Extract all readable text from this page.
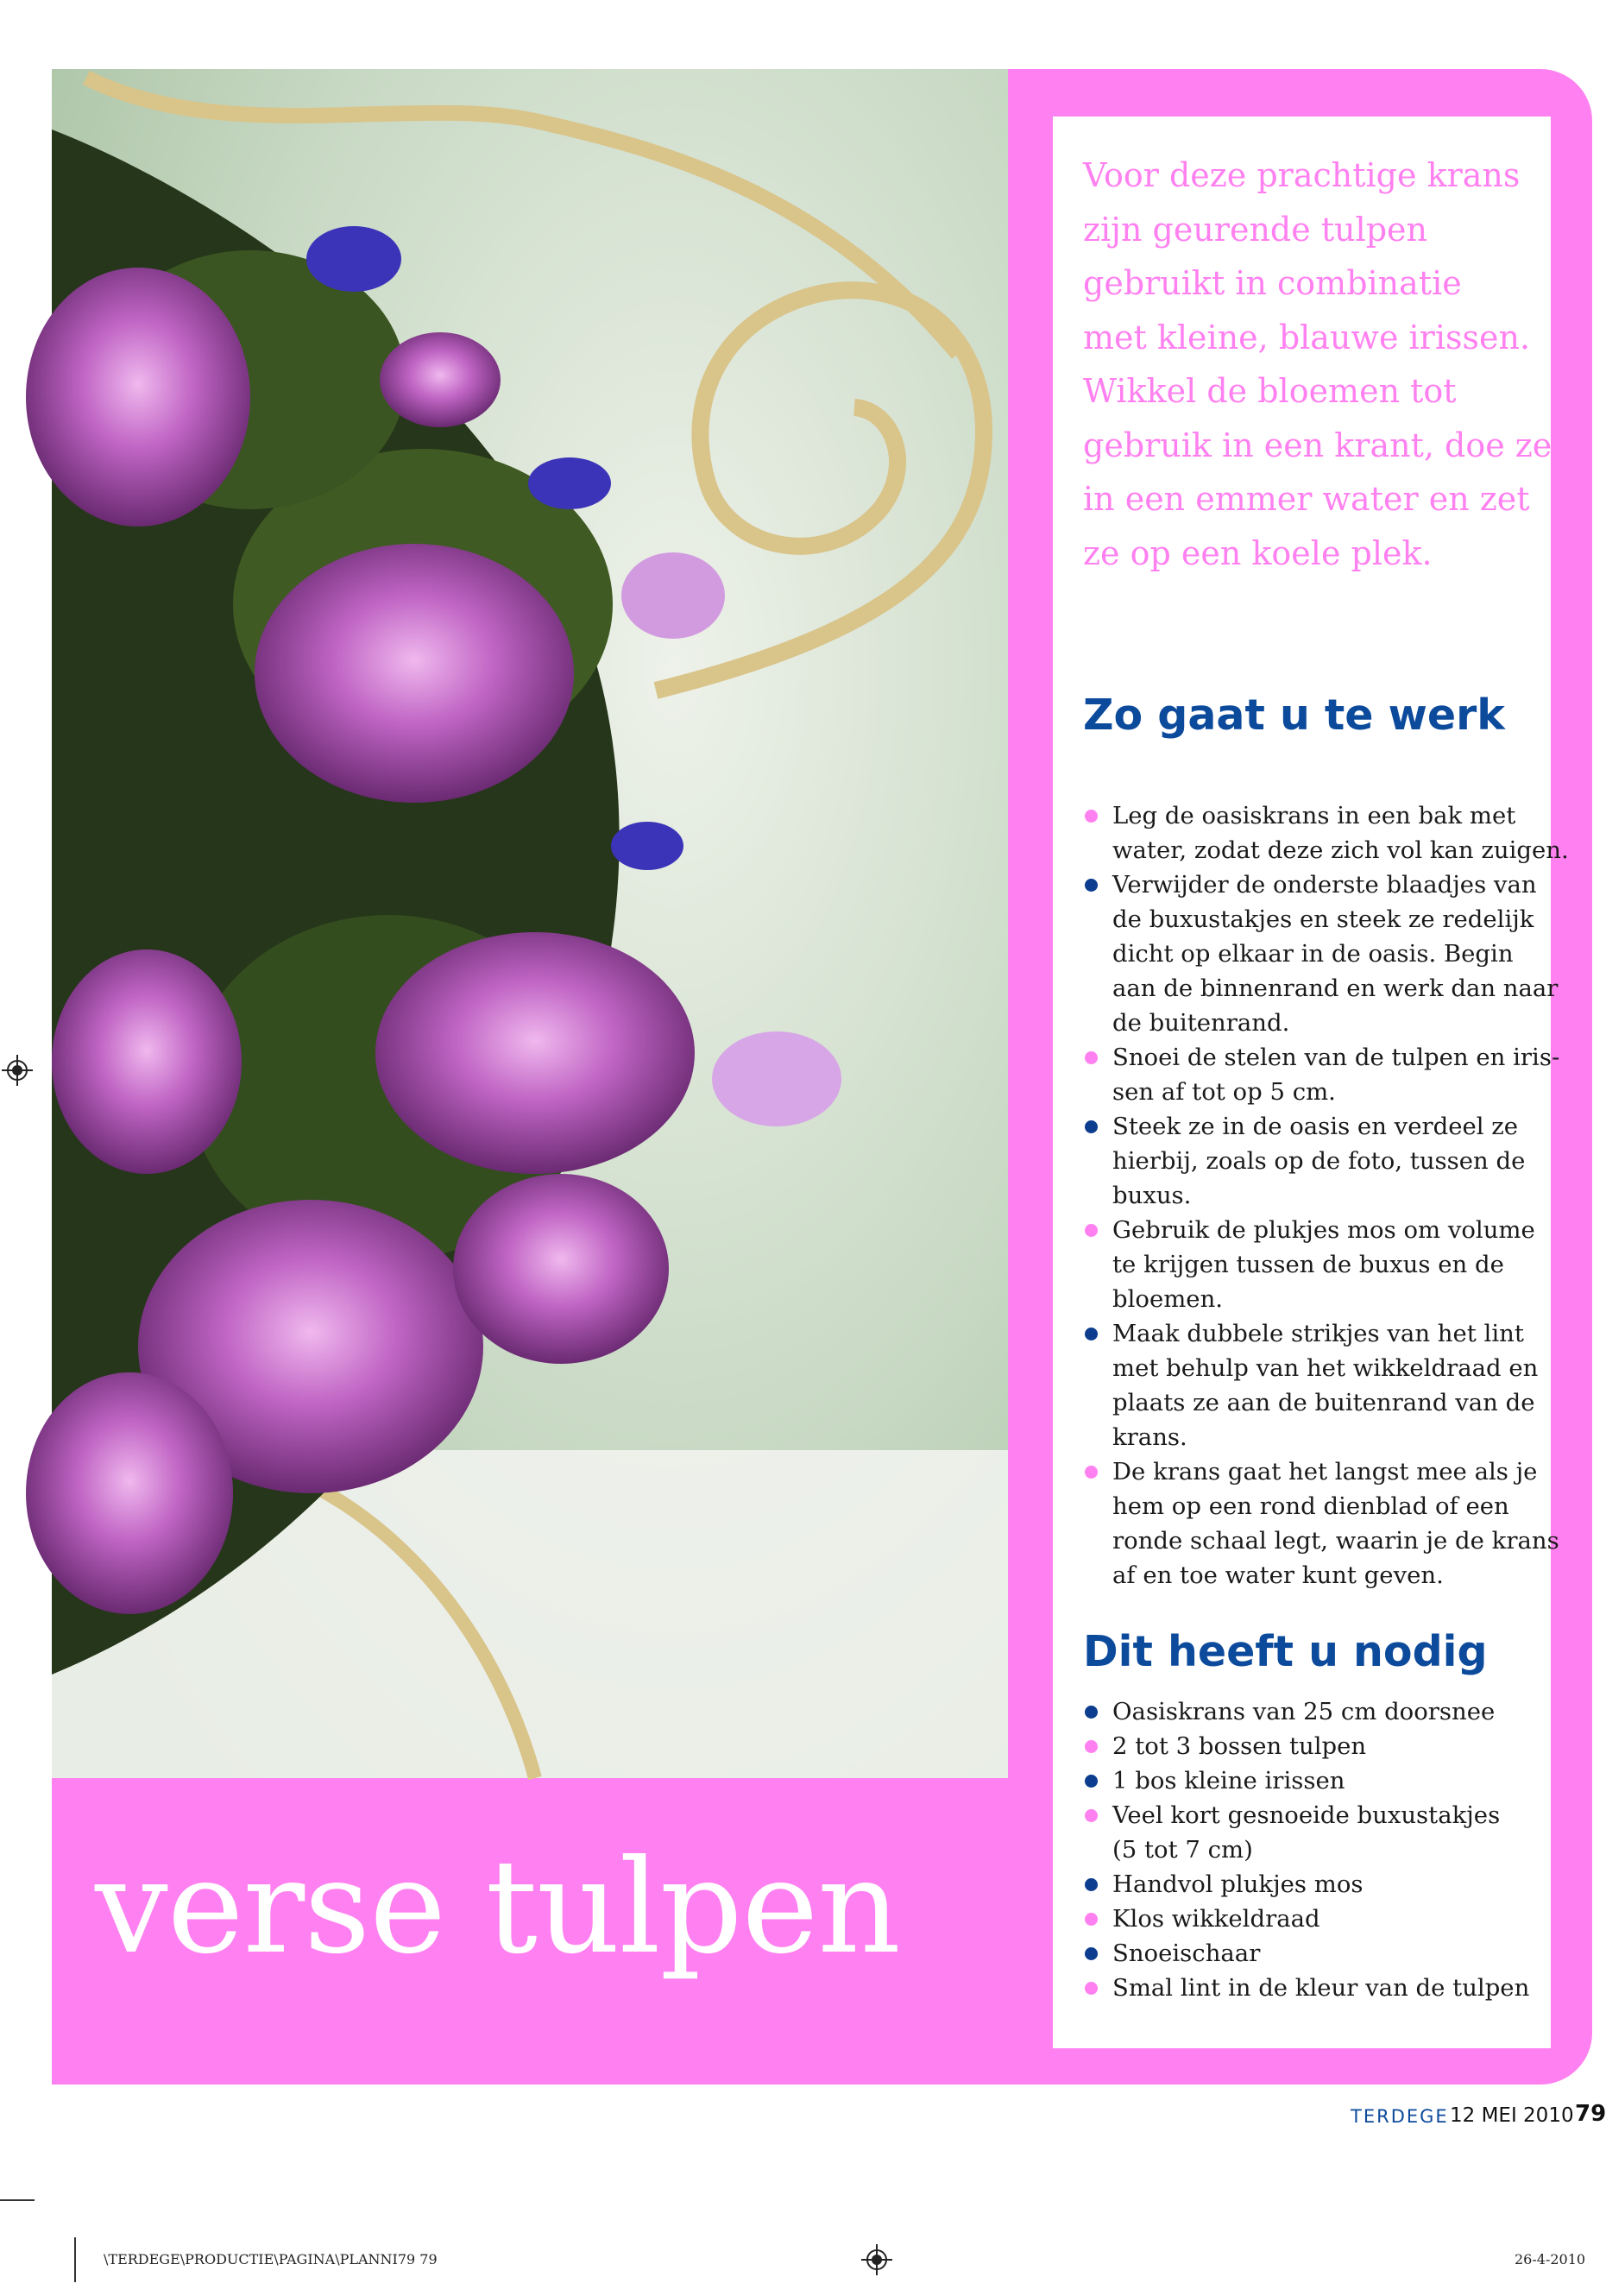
verse tulpen
Voor deze prachtige krans
zijn geurende tulpen
gebruikt in combinatie
met kleine, blauwe irissen.
Wikkel de bloemen tot
gebruik in een krant, doe ze
in een emmer water en zet
ze op een koele plek.
Zo gaat u te werk
Leg de oasiskrans in een bak met
water, zodat deze zich vol kan zuigen.
Verwijder de onderste blaadjes van
de buxustakjes en steek ze redelijk
dicht op elkaar in de oasis. Begin
aan de binnenrand en werk dan naar
de buitenrand.
Snoei de stelen van de tulpen en iris-
sen af tot op 5 cm.
Steek ze in de oasis en verdeel ze
hierbij, zoals op de foto, tussen de
buxus.
Gebruik de plukjes mos om volume
te krijgen tussen de buxus en de
bloemen.
Maak dubbele strikjes van het lint
met behulp van het wikkeldraad en
plaats ze aan de buitenrand van de
krans.
De krans gaat het langst mee als je
hem op een rond dienblad of een
ronde schaal legt, waarin je de krans
af en toe water kunt geven.
Dit heeft u nodig
Oasiskrans van 25 cm doorsnee
2 tot 3 bossen tulpen
1 bos kleine irissen
Veel kort gesnoeide buxustakjes
(5 tot 7 cm)
Handvol plukjes mos
Klos wikkeldraad
Snoeischaar
Smal lint in de kleur van de tulpen
TERDEGE 12 MEI 2010 79
\TERDEGE\PRODUCTIE\PAGINA\PLANNI79 79	26-4-2010
